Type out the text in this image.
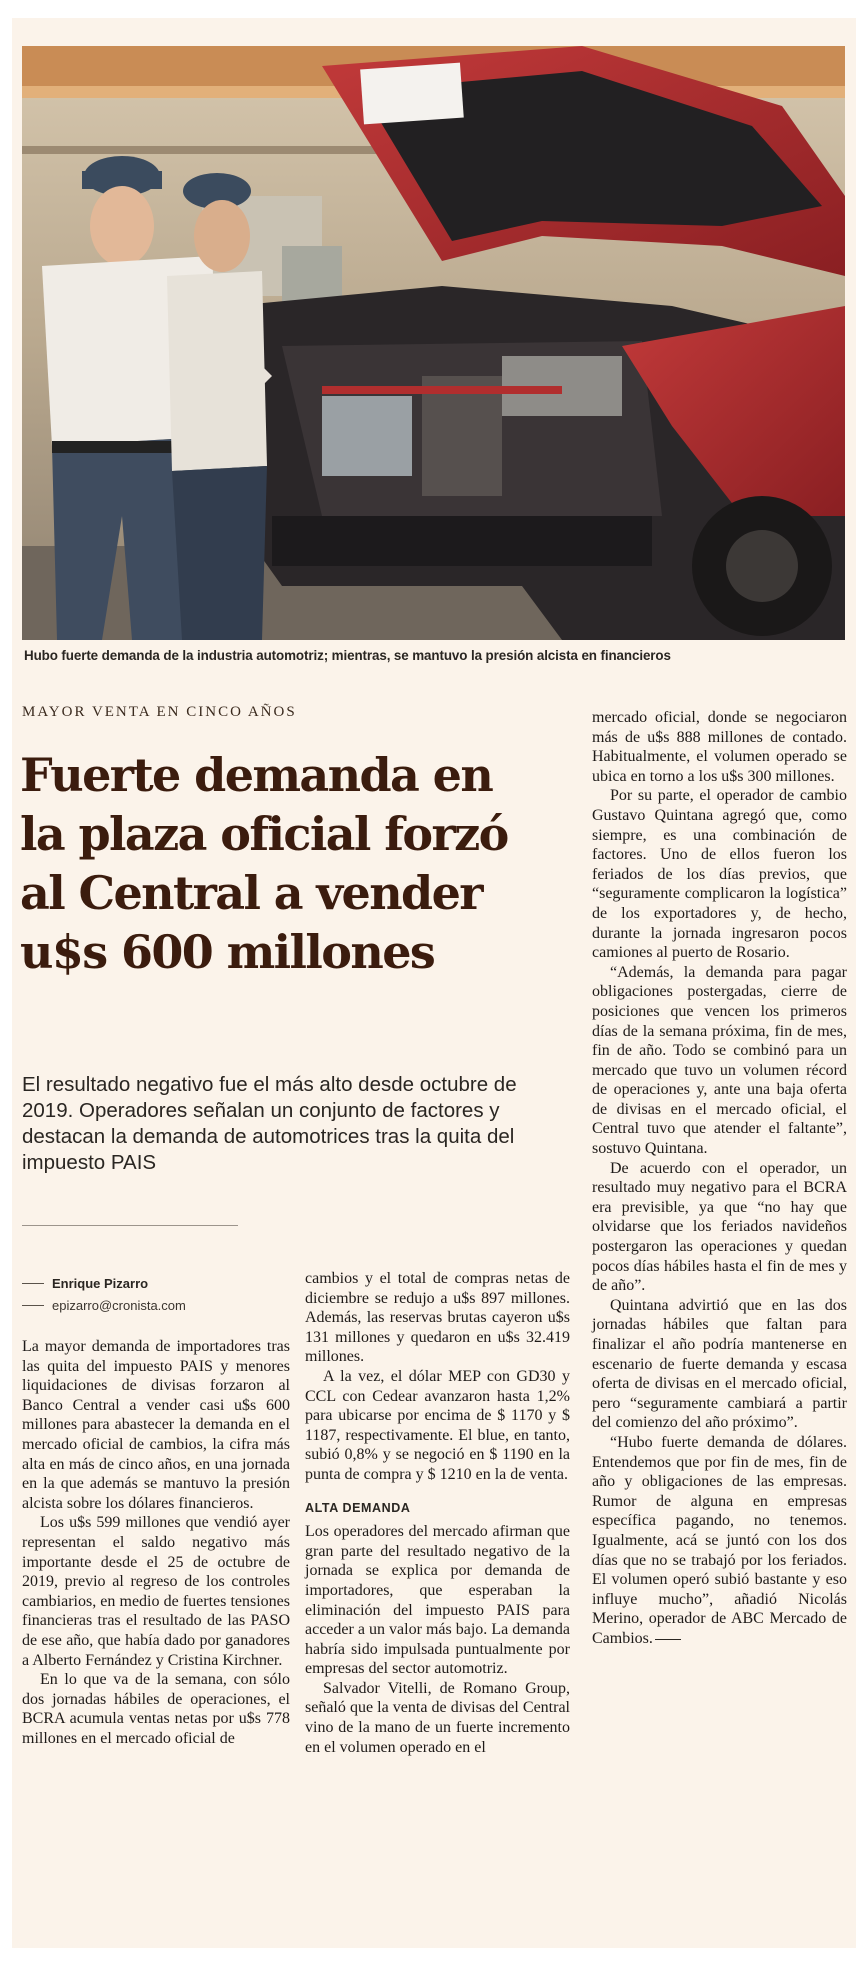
Hubo fuerte demanda de la industria automotriz; mientras, se mantuvo la presión alcista en financieros
MAYOR VENTA EN CINCO AÑOS
Fuerte demanda en
la plaza oficial forzó
al Central a vender
u$s 600 millones
El resultado negativo fue el más alto desde octubre de 2019. Operadores señalan un conjunto de factores y destacan la demanda de automotrices tras la quita del impuesto PAIS
Enrique Pizarro
epizarro@cronista.com

La mayor demanda de importadores tras las quita del impuesto PAIS y menores liquidaciones de divisas forzaron al Banco Central a vender casi u$s 600 millones para abastecer la demanda en el mercado oficial de cambios, la cifra más alta en más de cinco años, en una jornada en la que además se mantuvo la presión alcista sobre los dólares financieros.

Los u$s 599 millones que vendió ayer representan el saldo negativo más importante desde el 25 de octubre de 2019, previo al regreso de los controles cambiarios, en medio de fuertes tensiones financieras tras el resultado de las PASO de ese año, que había dado por ganadores a Alberto Fernández y Cristina Kirchner.

En lo que va de la semana, con sólo dos jornadas hábiles de operaciones, el BCRA acumula ventas netas por u$s 778 millones en el mercado oficial de

cambios y el total de compras netas de diciembre se redujo a u$s 897 millones. Además, las reservas brutas cayeron u$s 131 millones y quedaron en u$s 32.419 millones.

A la vez, el dólar MEP con GD30 y CCL con Cedear avanzaron hasta 1,2% para ubicarse por encima de $ 1170 y $ 1187, respectivamente. El blue, en tanto, subió 0,8% y se negoció en $ 1190 en la punta de compra y $ 1210 en la de venta.

ALTA DEMANDA

Los operadores del mercado afirman que gran parte del resultado negativo de la jornada se explica por demanda de importadores, que esperaban la eliminación del impuesto PAIS para acceder a un valor más bajo. La demanda habría sido impulsada puntualmente por empresas del sector automotriz.

Salvador Vitelli, de Romano Group, señaló que la venta de divisas del Central vino de la mano de un fuerte incremento en el volumen operado en el

mercado oficial, donde se negociaron más de u$s 888 millones de contado. Habitualmente, el volumen operado se ubica en torno a los u$s 300 millones.

Por su parte, el operador de cambio Gustavo Quintana agregó que, como siempre, es una combinación de factores. Uno de ellos fueron los feriados de los días previos, que “seguramente complicaron la logística” de los exportadores y, de hecho, durante la jornada ingresaron pocos camiones al puerto de Rosario.

“Además, la demanda para pagar obligaciones postergadas, cierre de posiciones que vencen los primeros días de la semana próxima, fin de mes, fin de año. Todo se combinó para un mercado que tuvo un volumen récord de operaciones y, ante una baja oferta de divisas en el mercado oficial, el Central tuvo que atender el faltante”, sostuvo Quintana.

De acuerdo con el operador, un resultado muy negativo para el BCRA era previsible, ya que “no hay que olvidarse que los feriados navideños postergaron las operaciones y quedan pocos días hábiles hasta el fin de mes y de año”.

Quintana advirtió que en las dos jornadas hábiles que faltan para finalizar el año podría mantenerse en escenario de fuerte demanda y escasa oferta de divisas en el mercado oficial, pero “seguramente cambiará a partir del comienzo del año próximo”.

“Hubo fuerte demanda de dólares. Entendemos que por fin de mes, fin de año y obligaciones de las empresas. Rumor de alguna en empresas específica pagando, no tenemos. Igualmente, acá se juntó con los dos días que no se trabajó por los feriados. El volumen operó subió bastante y eso influye mucho”, añadió Nicolás Merino, operador de ABC Mercado de Cambios.
